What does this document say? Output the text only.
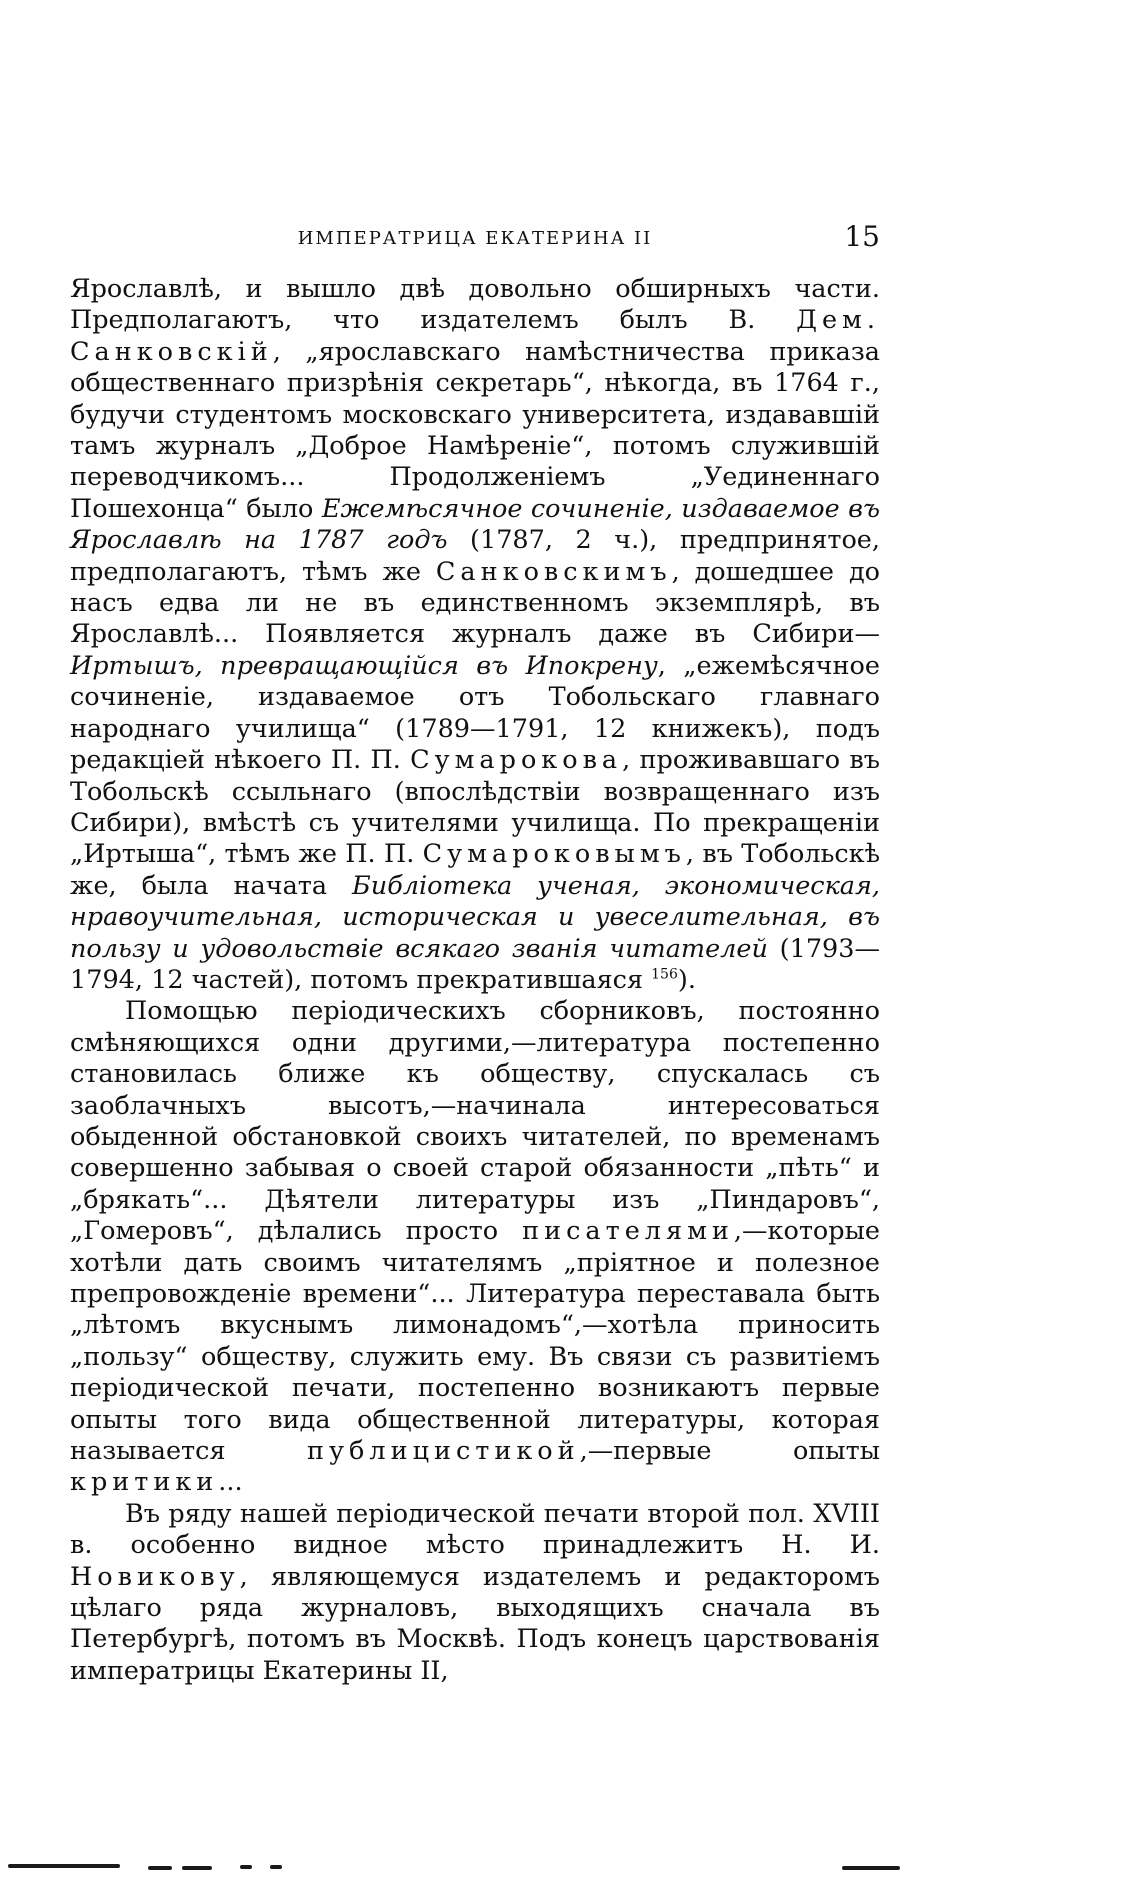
ИМПЕРАТРИЦА ЕКАТЕРИНА II	15

Ярославлѣ, и вышло двѣ довольно обширныхъ части. Предполагаютъ, что издателемъ былъ В. Дем. Санковскій, „ярославскаго намѣстничества приказа общественнаго призрѣнія секретарь“, нѣкогда, въ 1764 г., будучи студентомъ московскаго университета, издававшій тамъ журналъ „Доброе Намѣреніе“, потомъ служившій переводчикомъ... Продолженіемъ „Уединеннаго Пошехонца“ было Ежемѣсячное сочиненіе, издаваемое въ Ярославлѣ на 1787 годъ (1787, 2 ч.), предпринятое, предполагаютъ, тѣмъ же Санковскимъ, дошедшее до насъ едва ли не въ единственномъ экземплярѣ, въ Ярославлѣ... Появляется журналъ даже въ Сибири—Иртышъ, превращающійся въ Ипокрену, „ежемѣсячное сочиненіе, издаваемое отъ Тобольскаго главнаго народнаго училища“ (1789—1791, 12 книжекъ), подъ редакціей нѣкоего П. П. Сумарокова, проживавшаго въ Тобольскѣ ссыльнаго (впослѣдствіи возвращеннаго изъ Сибири), вмѣстѣ съ учителями училища. По прекращеніи „Иртыша“, тѣмъ же П. П. Сумароковымъ, въ Тобольскѣ же, была начата Библіотека ученая, экономическая, нравоучительная, историческая и увеселительная, въ пользу и удовольствіе всякаго званія читателей (1793—1794, 12 частей), потомъ прекратившаяся $^{156}$).

Помощью періодическихъ сборниковъ, постоянно смѣняющихся одни другими,—литература постепенно становилась ближе къ обществу, спускалась съ заоблачныхъ высотъ,—начинала интересоваться обыденной обстановкой своихъ читателей, по временамъ совершенно забывая о своей старой обязанности „пѣть“ и „брякать“... Дѣятели литературы изъ „Пиндаровъ“, „Гомеровъ“, дѣлались просто писателями,—которые хотѣли дать своимъ читателямъ „пріятное и полезное препровожденіе времени“... Литература переставала быть „лѣтомъ вкуснымъ лимонадомъ“,—хотѣла приносить „пользу“ обществу, служить ему. Въ связи съ развитіемъ періодической печати, постепенно возникаютъ первые опыты того вида общественной литературы, которая называется публицистикой,—первые опыты критики...

Въ ряду нашей періодической печати второй пол. XVIII в. особенно видное мѣсто принадлежитъ Н. И. Новикову, являющемуся издателемъ и редакторомъ цѣлаго ряда журналовъ, выходящихъ сначала въ Петербургѣ, потомъ въ Москвѣ. Подъ конецъ царствованія императрицы Екатерины II,
